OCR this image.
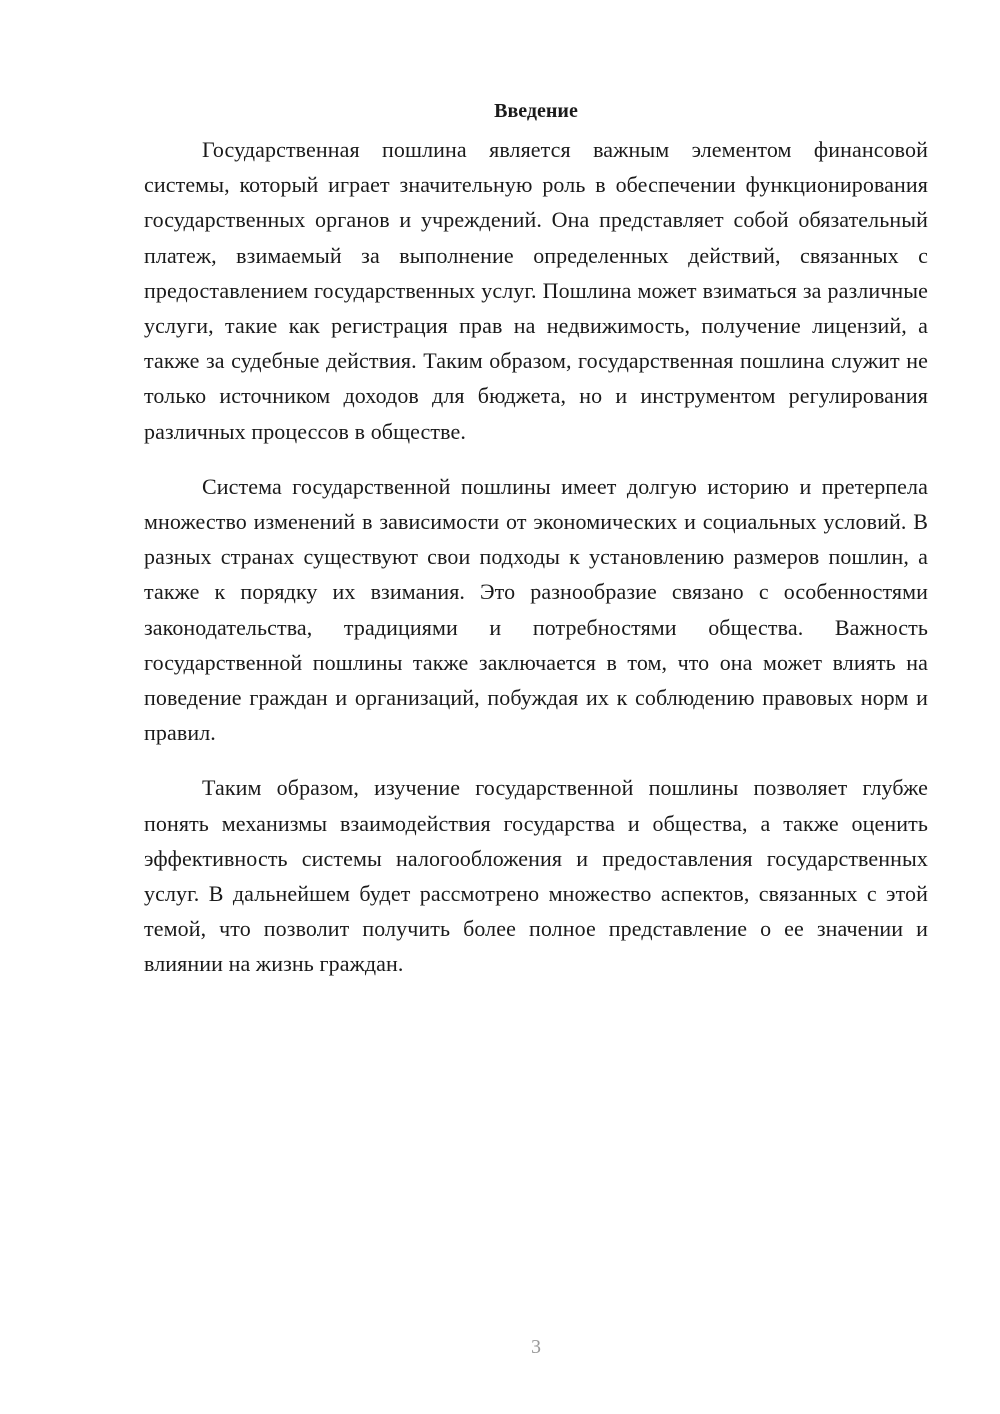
Введение

Государственная пошлина является важным элементом финансовой системы, который играет значительную роль в обеспечении функционирования государственных органов и учреждений. Она представляет собой обязательный платеж, взимаемый за выполнение определенных действий, связанных с предоставлением государственных услуг. Пошлина может взиматься за различные услуги, такие как регистрация прав на недвижимость, получение лицензий, а также за судебные действия. Таким образом, государственная пошлина служит не только источником доходов для бюджета, но и инструментом регулирования различных процессов в обществе.

Система государственной пошлины имеет долгую историю и претерпела множество изменений в зависимости от экономических и социальных условий. В разных странах существуют свои подходы к установлению размеров пошлин, а также к порядку их взимания. Это разнообразие связано с особенностями законодательства, традициями и потребностями общества. Важность государственной пошлины также заключается в том, что она может влиять на поведение граждан и организаций, побуждая их к соблюдению правовых норм и правил.

Таким образом, изучение государственной пошлины позволяет глубже понять механизмы взаимодействия государства и общества, а также оценить эффективность системы налогообложения и предоставления государственных услуг. В дальнейшем будет рассмотрено множество аспектов, связанных с этой темой, что позволит получить более полное представление о ее значении и влиянии на жизнь граждан.

3
